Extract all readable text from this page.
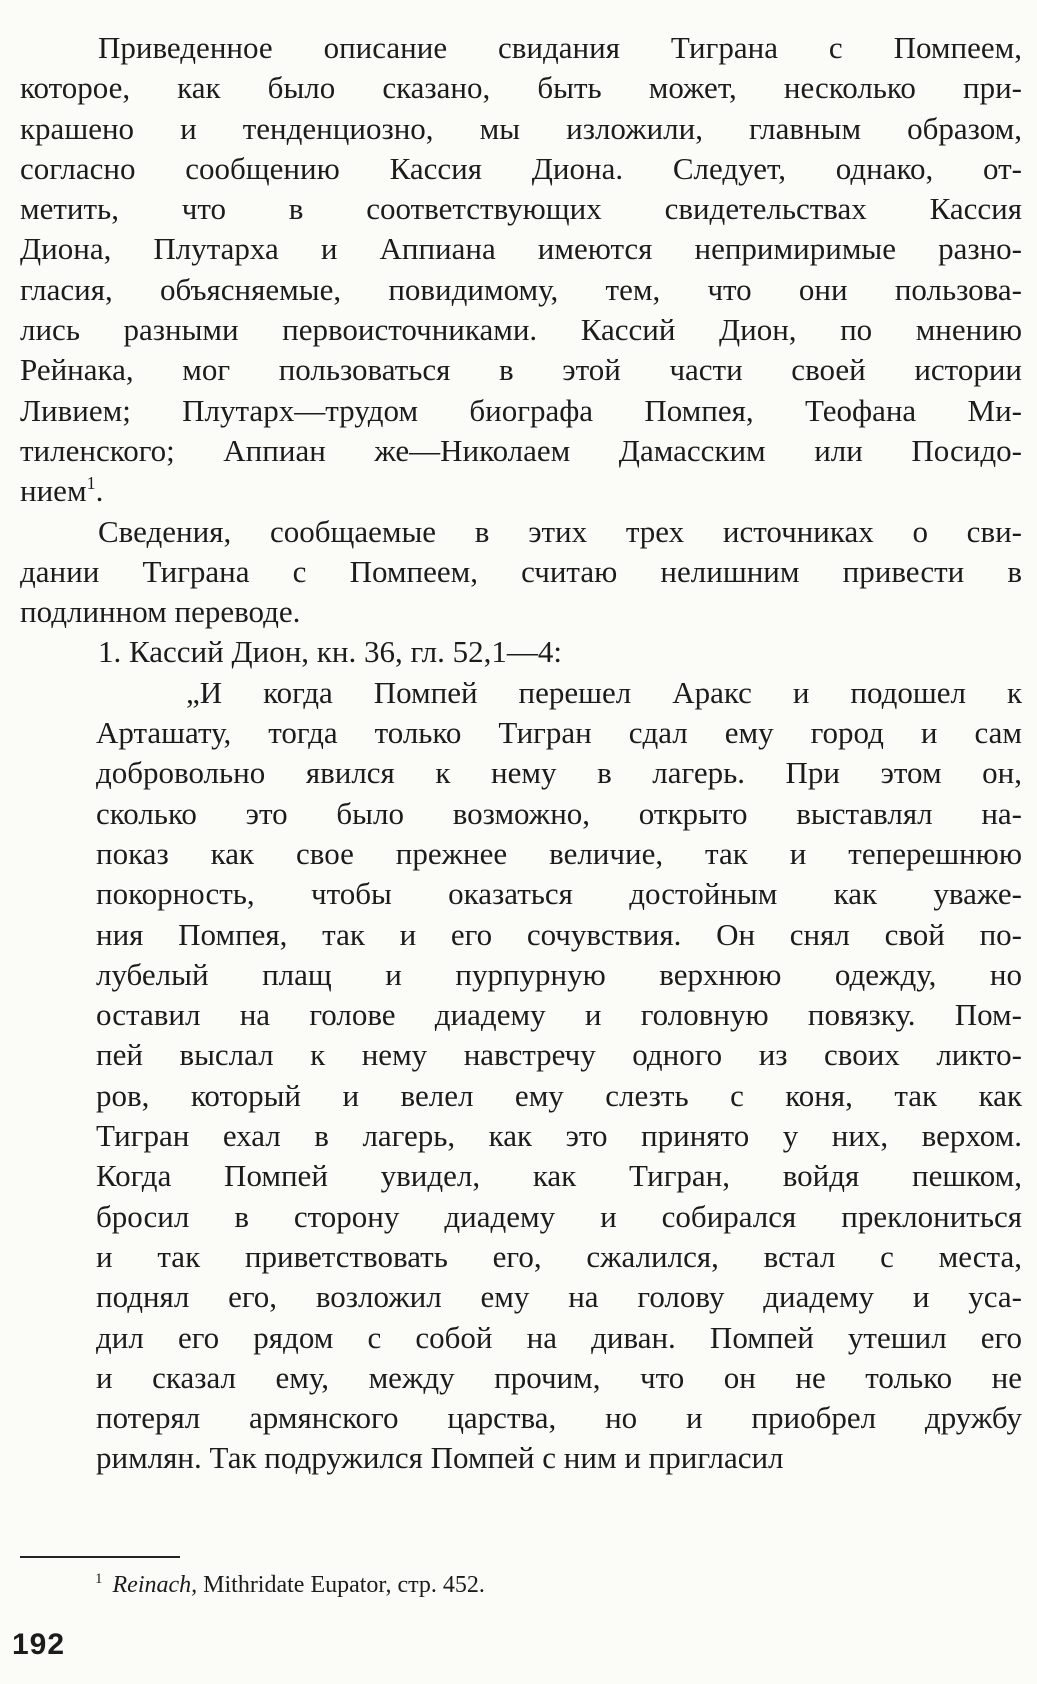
Приведенное описание свидания Тиграна с Помпеем,
которое, как было сказано, быть может, несколько при-
крашено и тенденциозно, мы изложили, главным образом,
согласно сообщению Кассия Диона. Следует, однако, от-
метить, что в соответствующих свидетельствах Кассия
Диона, Плутарха и Аппиана имеются непримиримые разно-
гласия, объясняемые, повидимому, тем, что они пользова-
лись разными первоисточниками. Кассий Дион, по мнению
Рейнака, мог пользоваться в этой части своей истории
Ливием; Плутарх—трудом биографа Помпея, Теофана Ми-
тиленского; Аппиан же—Николаем Дамасским или Посидо-
нием$^1$.
Сведения, сообщаемые в этих трех источниках о сви-
дании Тиграна с Помпеем, считаю нелишним привести в
подлинном переводе.
1. Кассий Дион, кн. 36, гл. 52,1—4:
„И когда Помпей перешел Аракс и подошел к
Арташату, тогда только Тигран сдал ему город и сам
добровольно явился к нему в лагерь. При этом он,
сколько это было возможно, открыто выставлял на-
показ как свое прежнее величие, так и теперешнюю
покорность, чтобы оказаться достойным как уваже-
ния Помпея, так и его сочувствия. Он снял свой по-
лубелый плащ и пурпурную верхнюю одежду, но
оставил на голове диадему и головную повязку. Пом-
пей выслал к нему навстречу одного из своих ликто-
ров, который и велел ему слезть с коня, так как
Тигран ехал в лагерь, как это принято у них, верхом.
Когда Помпей увидел, как Тигран, войдя пешком,
бросил в сторону диадему и собирался преклониться
и так приветствовать его, сжалился, встал с места,
поднял его, возложил ему на голову диадему и уса-
дил его рядом с собой на диван. Помпей утешил его
и сказал ему, между прочим, что он не только не
потерял армянского царства, но и приобрел дружбу
римлян. Так подружился Помпей с ним и пригласил
$^1$ Reinach, Mithridate Eupator, стр. 452.
192
